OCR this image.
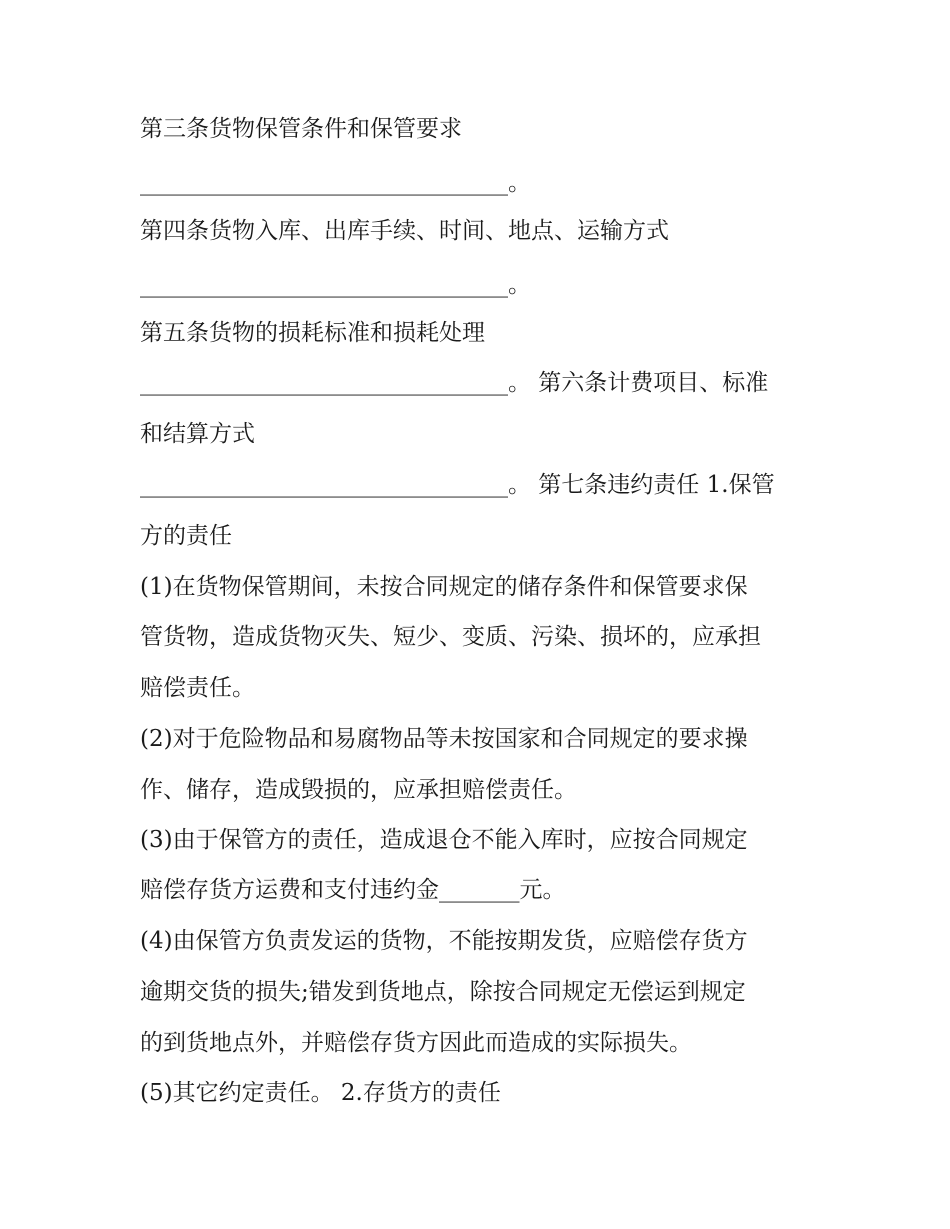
第三条货物保管条件和保管要求
________________________________。
第四条货物入库、出库手续、时间、地点、运输方式
________________________________。
第五条货物的损耗标准和损耗处理
________________________________。 第六条计费项目、标准
和结算方式
________________________________。 第七条违约责任 1.保管
方的责任
(1)在货物保管期间，未按合同规定的储存条件和保管要求保
管货物，造成货物灭失、短少、变质、污染、损坏的，应承担
赔偿责任。
(2)对于危险物品和易腐物品等未按国家和合同规定的要求操
作、储存，造成毁损的，应承担赔偿责任。
(3)由于保管方的责任，造成退仓不能入库时，应按合同规定
赔偿存货方运费和支付违约金_______元。
(4)由保管方负责发运的货物，不能按期发货，应赔偿存货方
逾期交货的损失;错发到货地点，除按合同规定无偿运到规定
的到货地点外，并赔偿存货方因此而造成的实际损失。
(5)其它约定责任。 2.存货方的责任
